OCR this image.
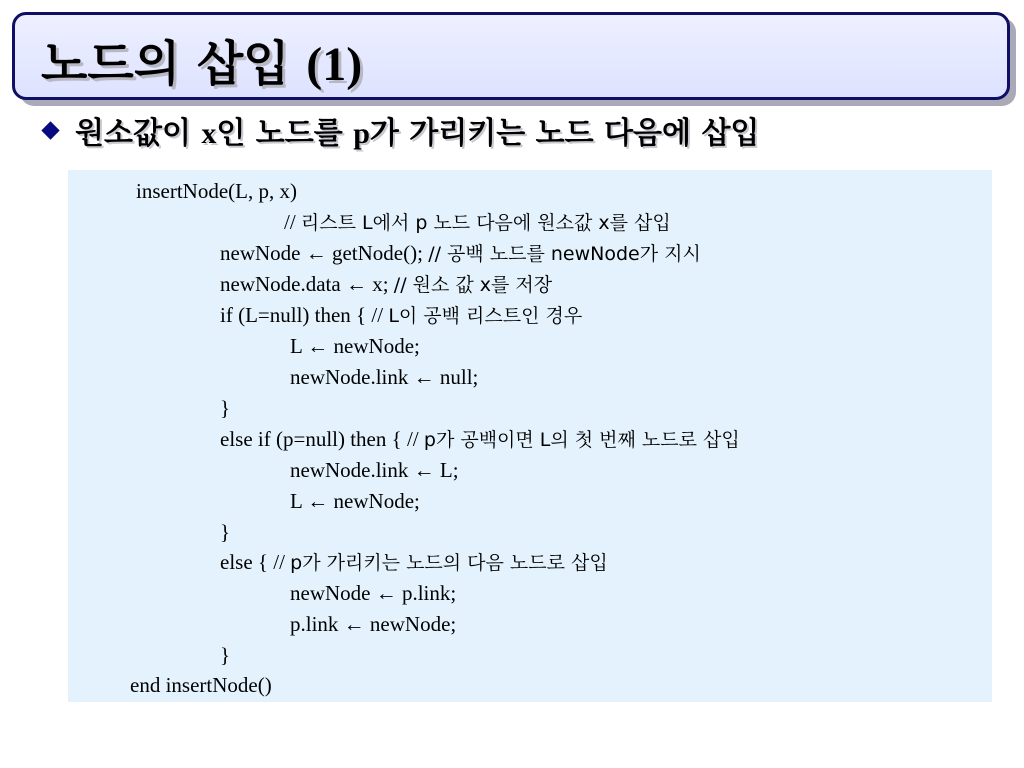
노드의 삽입 (1)
원소값이 x인 노드를 p가 가리키는 노드 다음에 삽입
insertNode(L, p, x)
// 리스트 L에서 p 노드 다음에 원소값 x를 삽입
newNode ← getNode(); // 공백 노드를 newNode가 지시
newNode.data ← x; // 원소 값 x를 저장
if (L=null) then { // L이 공백 리스트인 경우
L ← newNode;
newNode.link ← null;
}
else if (p=null) then { // p가 공백이면 L의 첫 번째 노드로 삽입
newNode.link ← L;
L ← newNode;
}
else { // p가 가리키는 노드의 다음 노드로 삽입
newNode ← p.link;
p.link ← newNode;
}
end insertNode()
